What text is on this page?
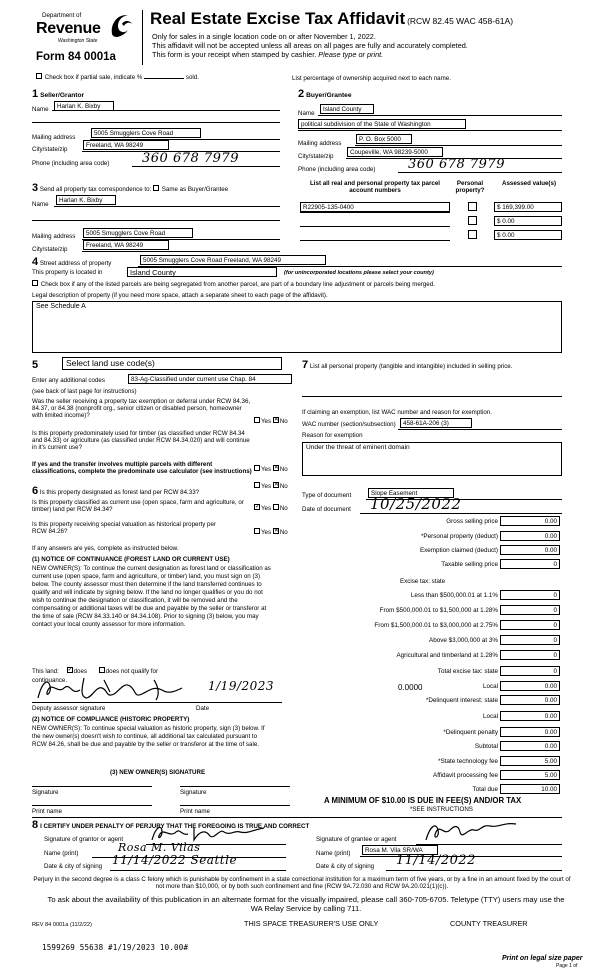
Department of
Revenue
Washington State
Form 84 0001a
Real Estate Excise Tax Affidavit (RCW 82.45 WAC 458-61A)
Only for sales in a single location code on or after November 1, 2022.
This affidavit will not be accepted unless all areas on all pages are fully and accurately completed.
This form is your receipt when stamped by cashier. Please type or print.
Check box if partial sale, indicate %	sold.	List percentage of ownership acquired next to each name.
1 Seller/Grantor
Name	Harlan K. Bixby
Mailing address
5005 Smugglers Cove Road
City/state/zip
Freeland, WA 98249
Phone (including area code)	360 678 7979
2 Buyer/Grantee
Name
Island County
political subdivision of the State of Washington
Mailing address
P. O. Box 5000
City/state/zip
Coupeville, WA 98239-5000
Phone (including area code)	360 678 7979
3 Send all property tax correspondence to: Same as Buyer/Grantee
Name
Harlan K. Bixby
Mailing address	5005 Smugglers Cove Road
City/state/zip
Freeland, WA 98249
List all real and personal property tax parcel account numbers
Personal property?
Assessed value(s)
R22905-135-0400	$ 169,399.00
$ 0.00
$ 0.00
4 Street address of property	5005 Smugglers Cove Road Freeland, WA 98249
This property is located in	Island County	(for unincorporated locations please select your county)
Check box if any of the listed parcels are being segregated from another parcel, are part of a boundary line adjustment or parcels being merged.
Legal description of property (if you need more space, attach a separate sheet to each page of the affidavit).
See Schedule A
5	Select land use code(s)
Enter any additional codes	83-Ag-Classified under current use Chap. 84
(see back of last page for instructions)
Was the seller receiving a property tax exemption or deferral under RCW 84.36, 84.37, or 84.38 (nonprofit org., senior citizen or disabled person, homeowner with limited income)?
Yes ✕No
Is this property predominately used for timber (as classified under RCW 84.34 and 84.33) or agriculture (as classified under RCW 84.34.020) and will continue in it's current use?
If yes and the transfer involves multiple parcels with different classifications, complete the predominate use calculator (see instructions)	Yes ✕No
6 Is this property designated as forest land per RCW 84.33?
Yes ✕No
Is this property classified as current use (open space, farm and agriculture, or timber) land per RCW 84.34?	✓Yes No
Is this property receiving special valuation as historical property per RCW 84.26?	Yes ✕No
If any answers are yes, complete as instructed below.
(1) NOTICE OF CONTINUANCE (FOREST LAND OR CURRENT USE)
NEW OWNER(S): To continue the current designation as forest land or classification as current use (open space, farm and agriculture, or timber) land, you must sign on (3) below. The county assessor must then determine if the land transferred continues to qualify and will indicate by signing below. If the land no longer qualifies or you do not wish to continue the designation or classification, it will be removed and the compensating or additional taxes will be due and payable by the seller or transferor at the time of sale (RCW 84.33.140 or 84.34.108). Prior to signing (3) below, you may contact your local county assessor for more information.
This land: ✓does	does not qualify for
continuance.	1/19/2023
Deputy assessor signature	Date
(2) NOTICE OF COMPLIANCE (HISTORIC PROPERTY)
NEW OWNER(S): To continue special valuation as historic property, sign (3) below. If the new owner(s) doesn't wish to continue, all additional tax calculated pursuant to RCW 84.26, shall be due and payable by the seller or transferor at the time of sale.
(3) NEW OWNER(S) SIGNATURE
Signature	Signature
Print name	Print name
7 List all personal property (tangible and intangible) included in selling price.
If claiming an exemption, list WAC number and reason for exemption.
WAC number (section/subsection)	458-61A-206 (3)
Reason for exemption
Under the threat of eminent domain
Type of document	Slope Easement
Date of document 10/25/2022
Gross selling price	0.00
*Personal property (deduct)	0.00
Exemption claimed (deduct)	0.00
Taxable selling price	0
Excise tax: state
Less than $500,000.01 at 1.1%	0
From $500,000.01 to $1,500,000 at 1.28%	0
From $1,500,000.01 to $3,000,000 at 2.75%	0
Above $3,000,000 at 3%	0
Agricultural and timberland at 1.28%	0
Total excise tax: state	0
0.0000	Local	0.00
*Delinquent interest: state	0.00
Local	0.00
*Delinquent penalty	0.00
Subtotal	0.00
*State technology fee	5.00
Affidavit processing fee	5.00
Total due	10.00
A MINIMUM OF $10.00 IS DUE IN FEE(S) AND/OR TAX
*SEE INSTRUCTIONS
8 I CERTIFY UNDER PENALTY OF PERJURY THAT THE FOREGOING IS TRUE AND CORRECT
Signature of grantor or agent
Name (print)	Rosa M. Vilas
Date & city of signing 11/14/2022 Seattle
Signature of grantee or agent
Name (print)	Rosa M. Vila SR/WA
Date & city of signing 11/14/2022
Perjury in the second degree is a class C felony which is punishable by confinement in a state correctional institution for a maximum term of five years, or by a fine in an amount fixed by the court of not more than $10,000, or by both such confinement and fine (RCW 9A.72.030 and RCW 9A.20.021(1)(c)).
To ask about the availability of this publication in an alternate format for the visually impaired, please call 360-705-6705. Teletype (TTY) users may use the WA Relay Service by calling 711.
REV 84 0001a (11/2/22)	THIS SPACE TREASURER'S USE ONLY	COUNTY TREASURER
1599269 55638 #1/19/2023 10.00#
Print on legal size paper
Page 1 of
